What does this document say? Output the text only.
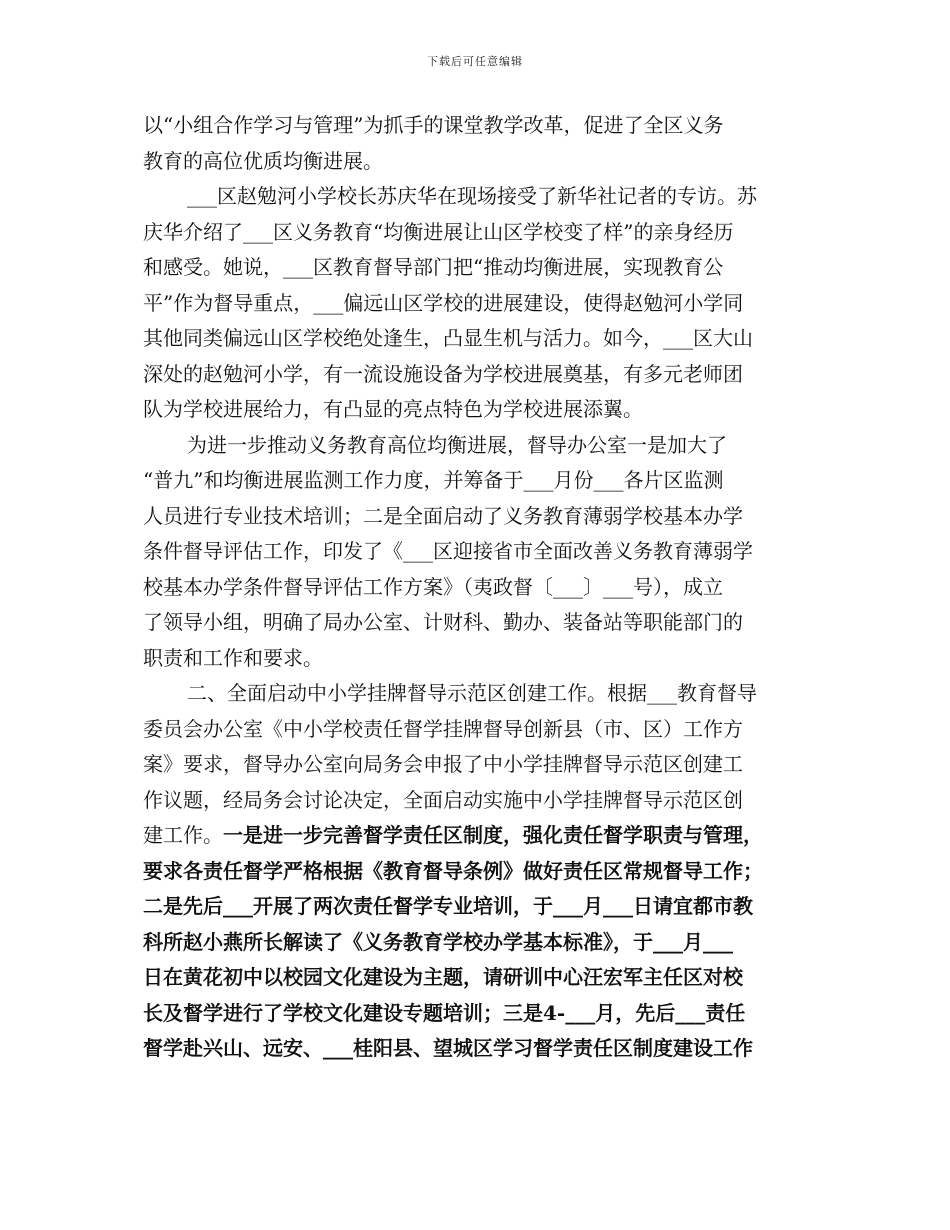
下载后可任意编辑
以“小组合作学习与管理”为抓手的课堂教学改革，促进了全区义务
教育的高位优质均衡进展。
___区赵勉河小学校长苏庆华在现场接受了新华社记者的专访。苏
庆华介绍了___区义务教育“均衡进展让山区学校变了样”的亲身经历
和感受。她说，___区教育督导部门把“推动均衡进展，实现教育公
平”作为督导重点，___偏远山区学校的进展建设，使得赵勉河小学同
其他同类偏远山区学校绝处逢生，凸显生机与活力。如今，___区大山
深处的赵勉河小学，有一流设施设备为学校进展奠基，有多元老师团
队为学校进展给力，有凸显的亮点特色为学校进展添翼。
为进一步推动义务教育高位均衡进展，督导办公室一是加大了
“普九”和均衡进展监测工作力度，并筹备于___月份___各片区监测
人员进行专业技术培训；二是全面启动了义务教育薄弱学校基本办学
条件督导评估工作，印发了《___区迎接省市全面改善义务教育薄弱学
校基本办学条件督导评估工作方案》（夷政督〔___〕___号），成立
了领导小组，明确了局办公室、计财科、勤办、装备站等职能部门的
职责和工作和要求。
二、全面启动中小学挂牌督导示范区创建工作。根据___教育督导
委员会办公室《中小学校责任督学挂牌督导创新县（市、区）工作方
案》要求，督导办公室向局务会申报了中小学挂牌督导示范区创建工
作议题，经局务会讨论决定，全面启动实施中小学挂牌督导示范区创
建工作。一是进一步完善督学责任区制度，强化责任督学职责与管理，
要求各责任督学严格根据《教育督导条例》做好责任区常规督导工作；
二是先后___开展了两次责任督学专业培训，于___月___日请宜都市教
科所赵小燕所长解读了《义务教育学校办学基本标准》，于___月___
日在黄花初中以校园文化建设为主题，请研训中心汪宏军主任区对校
长及督学进行了学校文化建设专题培训；三是4-___月，先后___责任
督学赴兴山、远安、___桂阳县、望城区学习督学责任区制度建设工作
